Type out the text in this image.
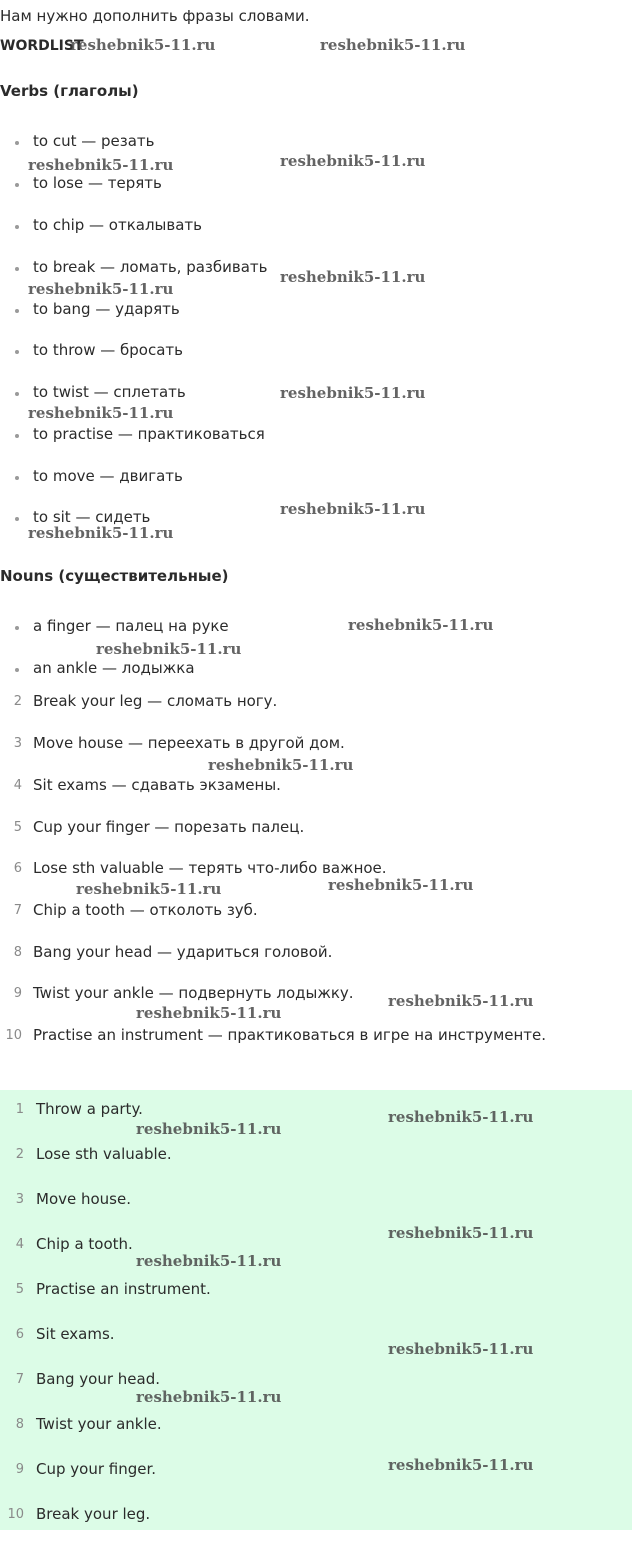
Нам нужно дополнить фразы словами.
WORDLIST
Verbs (глаголы)
to cut — резать
to lose — терять
to chip — откалывать
to break — ломать, разбивать
to bang — ударять
to throw — бросать
to twist — сплетать
to practise — практиковаться
to move — двигать
to sit — сидеть
Nouns (существительные)
a finger — палец на руке
an ankle — лодыжка
2 Break your leg — сломать ногу.
3 Move house — переехать в другой дом.
4 Sit exams — сдавать экзамены.
5 Cup your finger — порезать палец.
6 Lose sth valuable — терять что-либо важное.
7 Chip a tooth — отколоть зуб.
8 Bang your head — удариться головой.
9 Twist your ankle — подвернуть лодыжку.
10 Practise an instrument — практиковаться в игре на инструменте.
1 Throw a party.
2 Lose sth valuable.
3 Move house.
4 Chip a tooth.
5 Practise an instrument.
6 Sit exams.
7 Bang your head.
8 Twist your ankle.
9 Cup your finger.
10 Break your leg.
reshebnik5-11.ru	reshebnik5-11.ru
reshebnik5-11.ru	reshebnik5-11.ru
reshebnik5-11.ru
reshebnik5-11.ru
reshebnik5-11.ru
reshebnik5-11.ru
reshebnik5-11.ru
reshebnik5-11.ru
reshebnik5-11.ru
reshebnik5-11.ru
reshebnik5-11.ru
reshebnik5-11.ru	reshebnik5-11.ru
reshebnik5-11.ru
reshebnik5-11.ru
reshebnik5-11.ru
reshebnik5-11.ru
reshebnik5-11.ru
reshebnik5-11.ru
reshebnik5-11.ru
reshebnik5-11.ru
reshebnik5-11.ru
